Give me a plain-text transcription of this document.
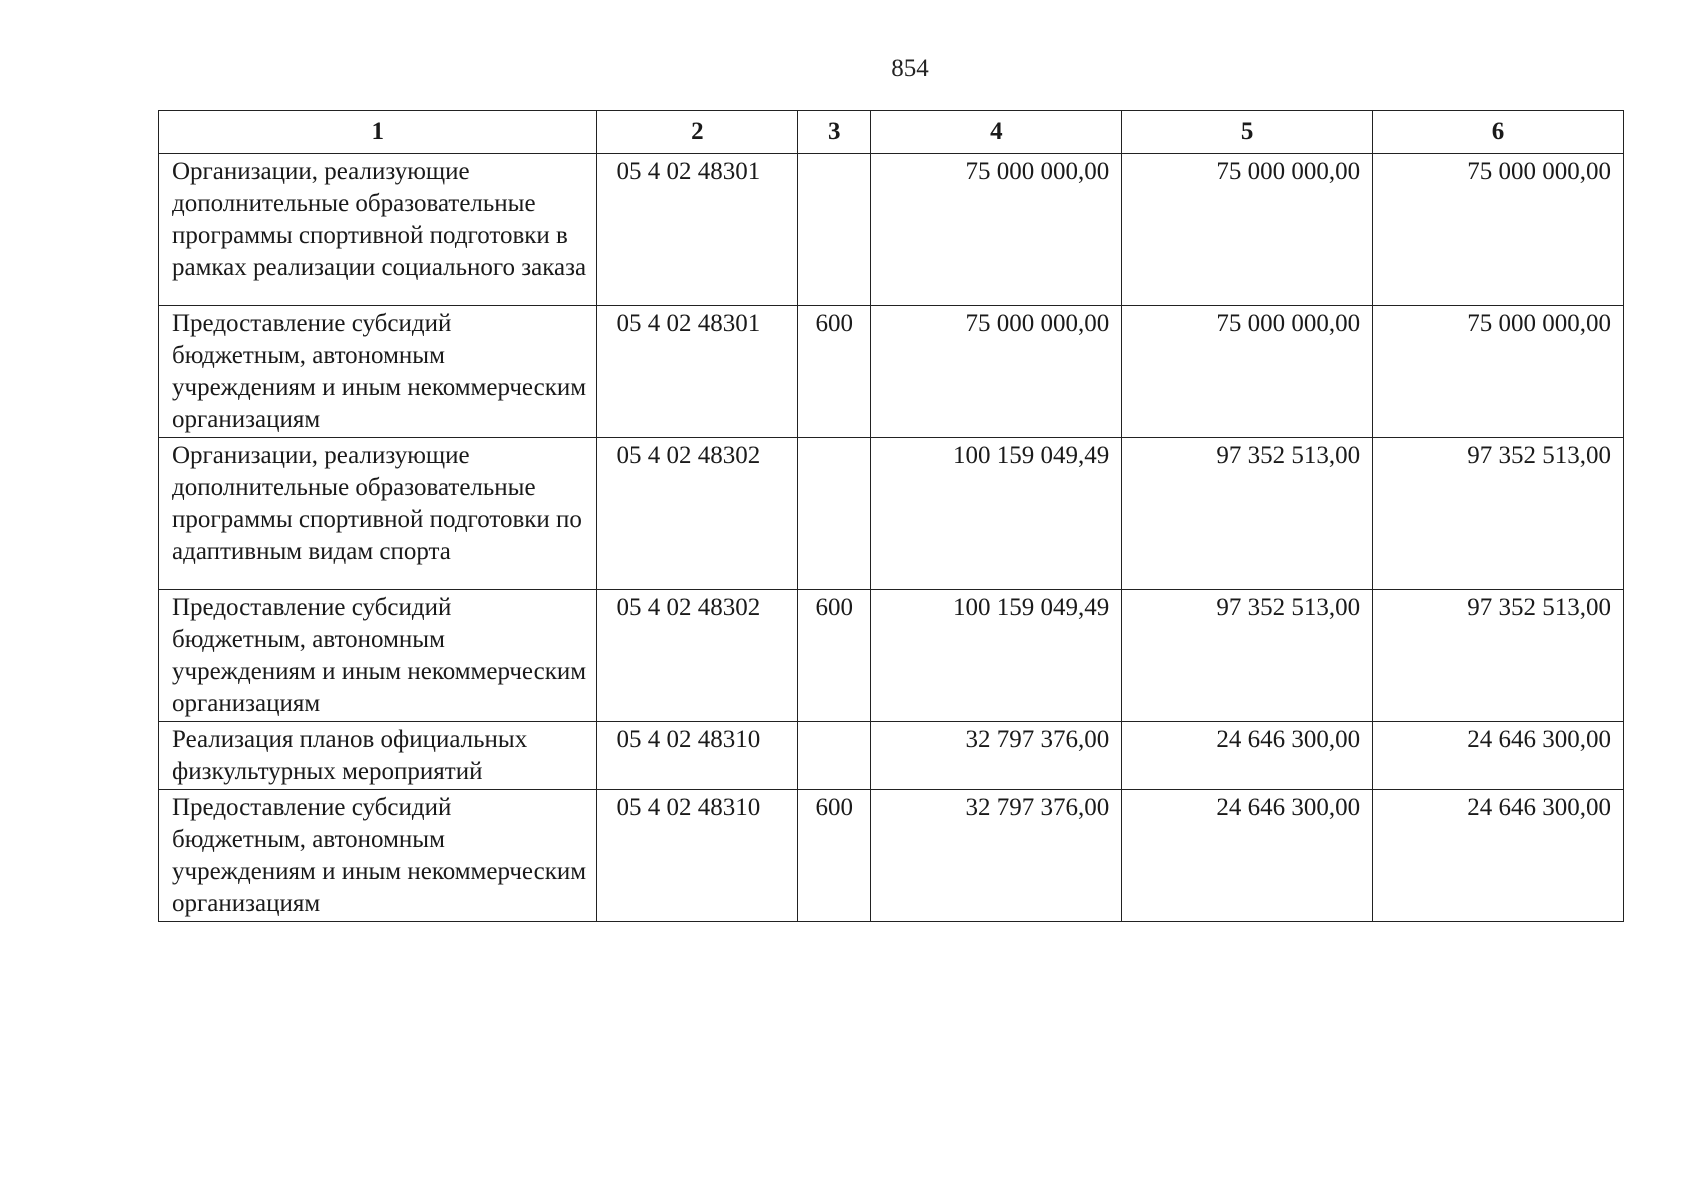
854
1	2	3	4	5	6
Организации, реализующие дополнительные образовательные программы спортивной подготовки в рамках реализации социального заказа	05 4 02 48301		75 000 000,00	75 000 000,00	75 000 000,00
Предоставление субсидий бюджетным, автономным учреждениям и иным некоммерческим организациям	05 4 02 48301	600	75 000 000,00	75 000 000,00	75 000 000,00
Организации, реализующие дополнительные образовательные программы спортивной подготовки по адаптивным видам спорта	05 4 02 48302		100 159 049,49	97 352 513,00	97 352 513,00
Предоставление субсидий бюджетным, автономным учреждениям и иным некоммерческим организациям	05 4 02 48302	600	100 159 049,49	97 352 513,00	97 352 513,00
Реализация планов официальных физкультурных мероприятий	05 4 02 48310		32 797 376,00	24 646 300,00	24 646 300,00
Предоставление субсидий бюджетным, автономным учреждениям и иным некоммерческим организациям	05 4 02 48310	600	32 797 376,00	24 646 300,00	24 646 300,00
